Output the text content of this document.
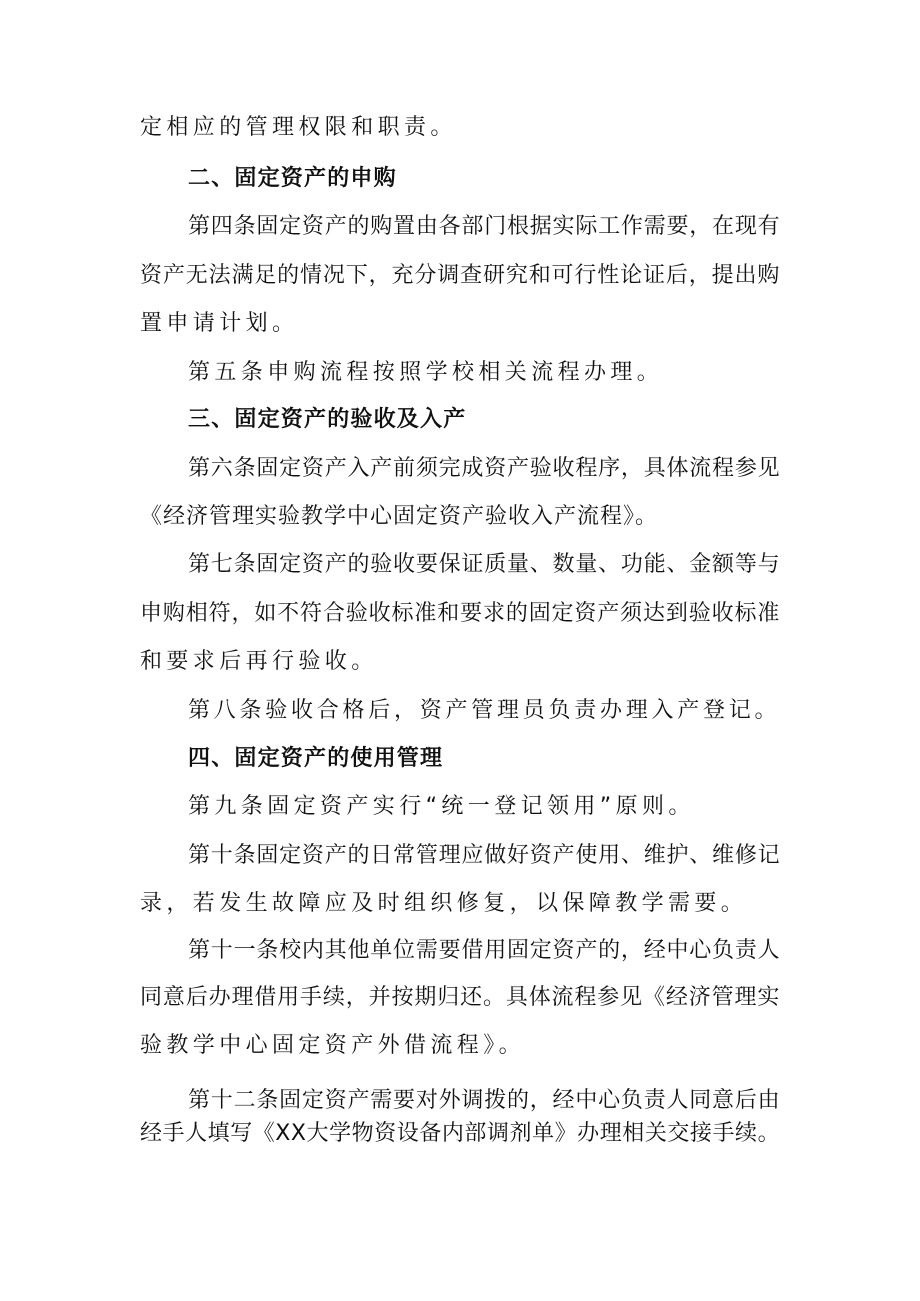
定相应的管理权限和职责。

二、固定资产的申购

第四条固定资产的购置由各部门根据实际工作需要，在现有

资产无法满足的情况下，充分调查研究和可行性论证后，提出购

置申请计划。

第五条申购流程按照学校相关流程办理。

三、固定资产的验收及入产

第六条固定资产入产前须完成资产验收程序，具体流程参见

《经济管理实验教学中心固定资产验收入产流程》。

第七条固定资产的验收要保证质量、数量、功能、金额等与

申购相符，如不符合验收标准和要求的固定资产须达到验收标准

和要求后再行验收。

第八条验收合格后，资产管理员负责办理入产登记。

四、固定资产的使用管理

第九条固定资产实行“统一登记领用”原则。

第十条固定资产的日常管理应做好资产使用、维护、维修记

录，若发生故障应及时组织修复，以保障教学需要。

第十一条校内其他单位需要借用固定资产的，经中心负责人

同意后办理借用手续，并按期归还。具体流程参见《经济管理实

验教学中心固定资产外借流程》。

第十二条固定资产需要对外调拨的，经中心负责人同意后由

经手人填写《XX大学物资设备内部调剂单》办理相关交接手续。
